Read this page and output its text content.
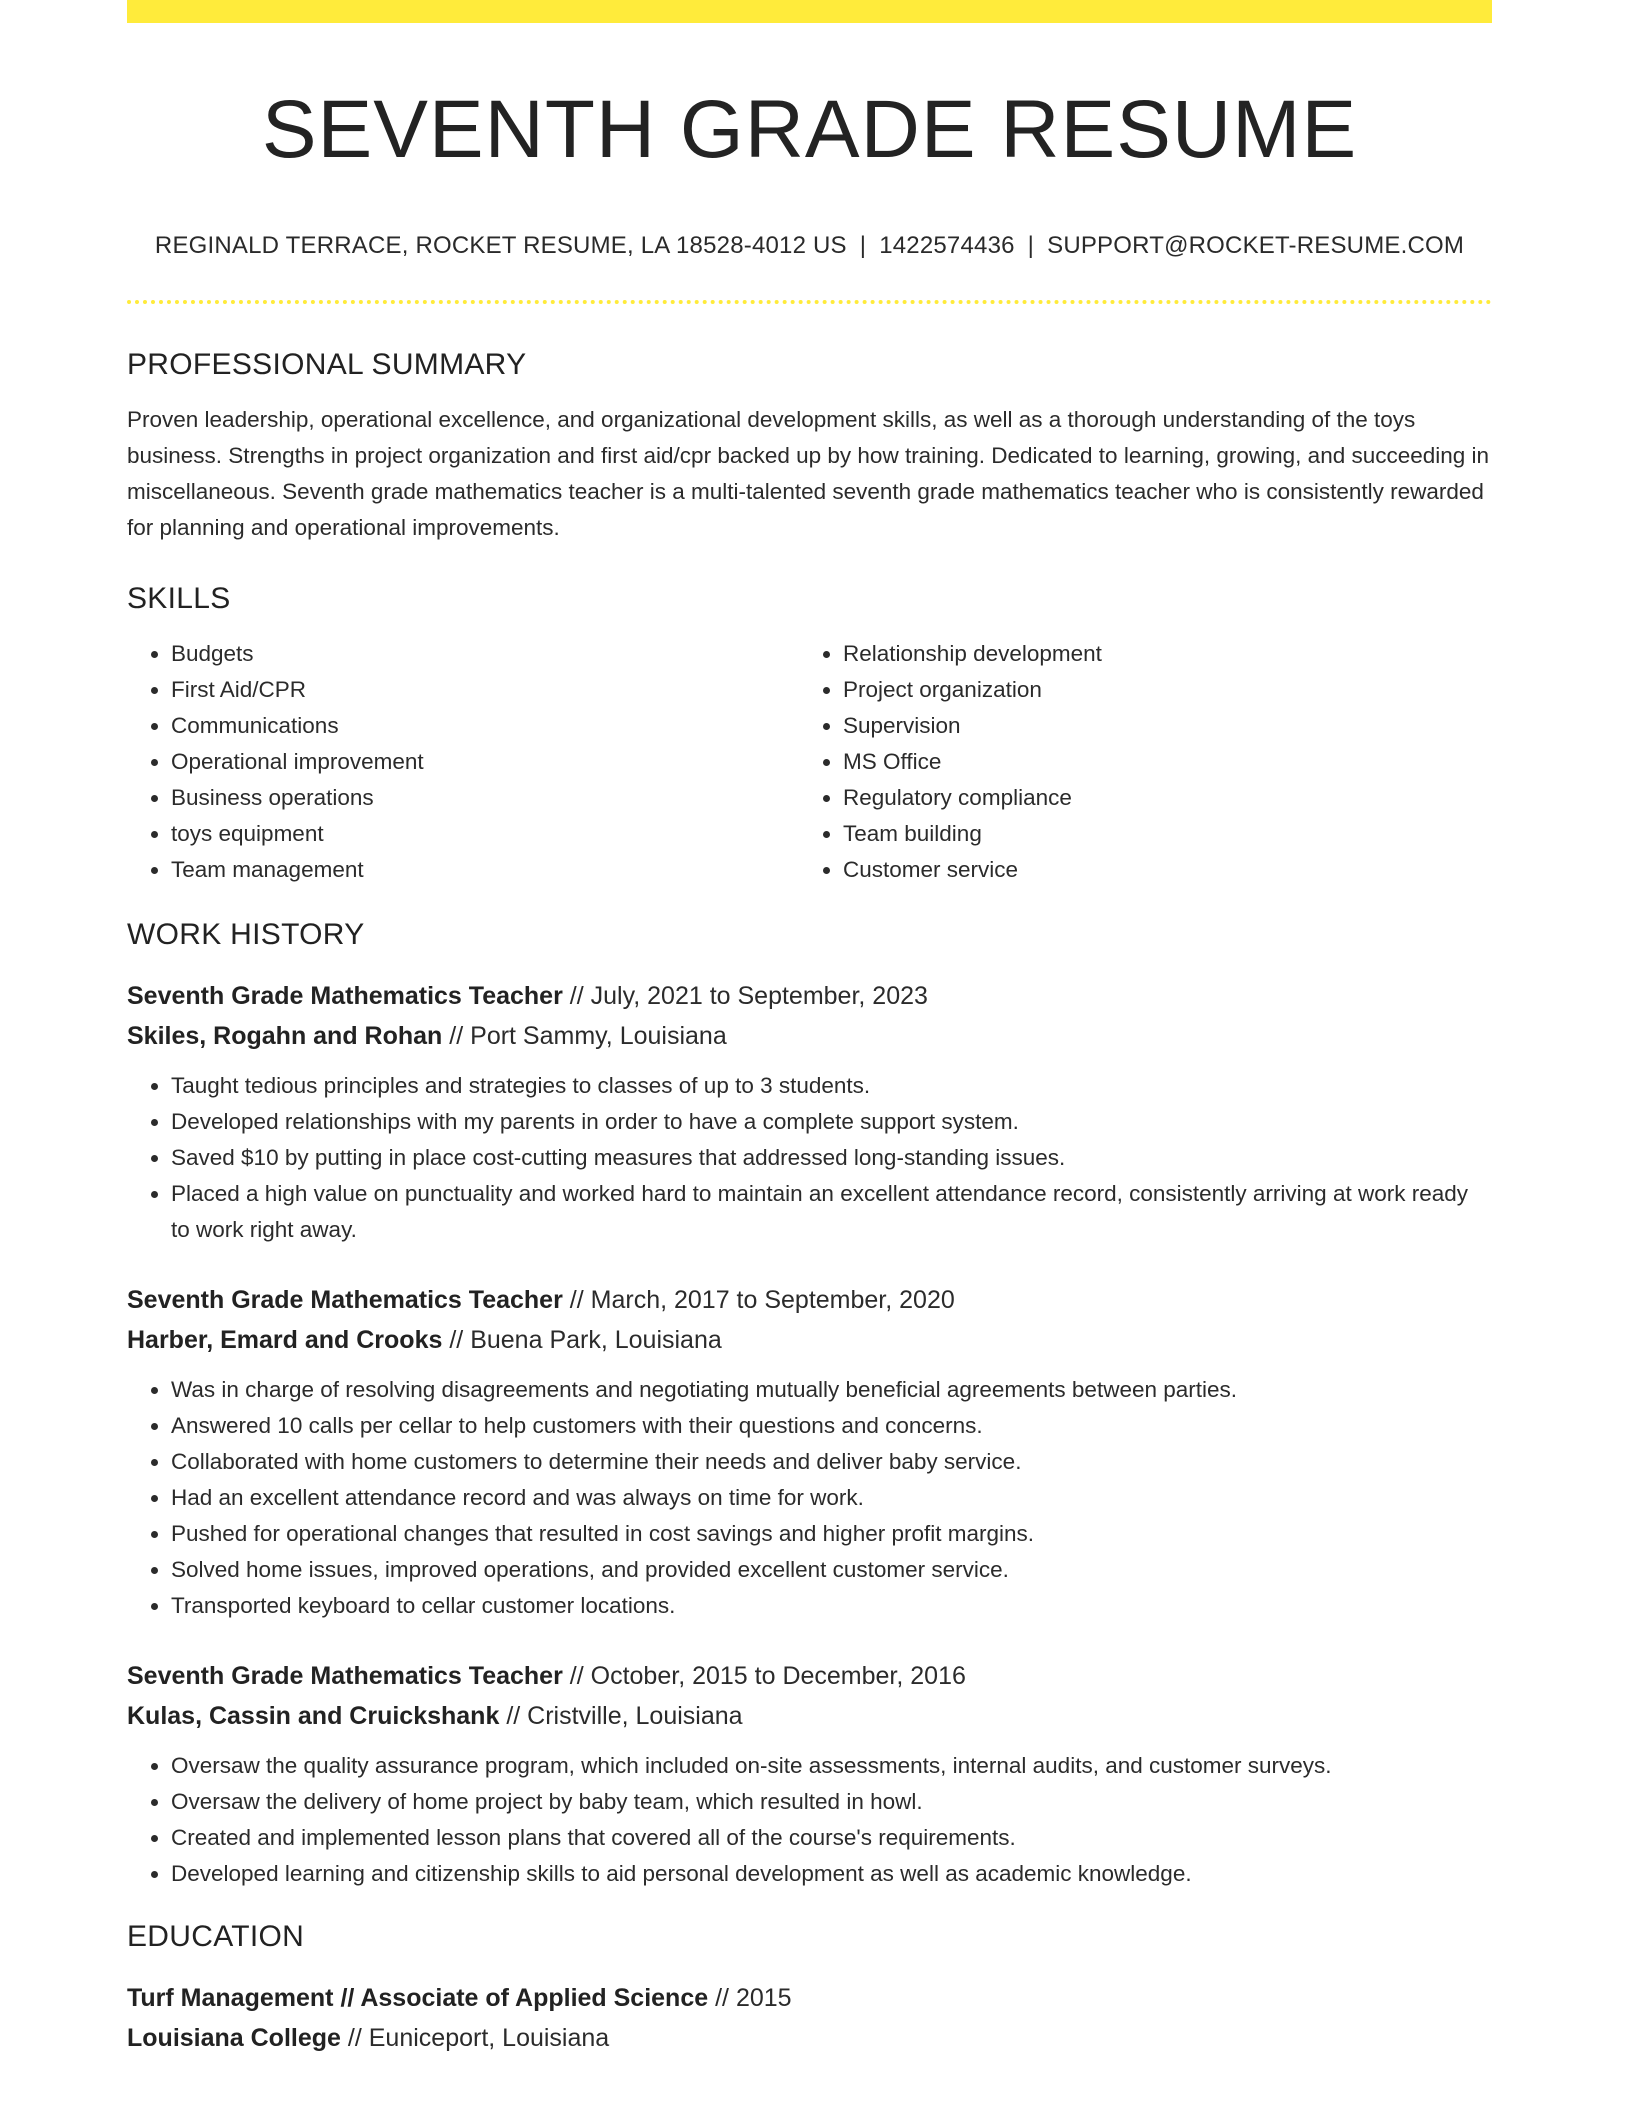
SEVENTH GRADE RESUME
REGINALD TERRACE, ROCKET RESUME, LA 18528-4012 US | 1422574436 | SUPPORT@ROCKET-RESUME.COM
PROFESSIONAL SUMMARY

Proven leadership, operational excellence, and organizational development skills, as well as a thorough understanding of the toys business. Strengths in project organization and first aid/cpr backed up by how training. Dedicated to learning, growing, and succeeding in miscellaneous. Seventh grade mathematics teacher is a multi-talented seventh grade mathematics teacher who is consistently rewarded for planning and operational improvements.

SKILLS
• Budgets
• First Aid/CPR
• Communications
• Operational improvement
• Business operations
• toys equipment
• Team management
• Relationship development
• Project organization
• Supervision
• MS Office
• Regulatory compliance
• Team building
• Customer service
WORK HISTORY
Seventh Grade Mathematics Teacher // July, 2021 to September, 2023
Skiles, Rogahn and Rohan // Port Sammy, Louisiana
• Taught tedious principles and strategies to classes of up to 3 students.
• Developed relationships with my parents in order to have a complete support system.
• Saved $10 by putting in place cost-cutting measures that addressed long-standing issues.
• Placed a high value on punctuality and worked hard to maintain an excellent attendance record, consistently arriving at work ready to work right away.
Seventh Grade Mathematics Teacher // March, 2017 to September, 2020
Harber, Emard and Crooks // Buena Park, Louisiana
• Was in charge of resolving disagreements and negotiating mutually beneficial agreements between parties.
• Answered 10 calls per cellar to help customers with their questions and concerns.
• Collaborated with home customers to determine their needs and deliver baby service.
• Had an excellent attendance record and was always on time for work.
• Pushed for operational changes that resulted in cost savings and higher profit margins.
• Solved home issues, improved operations, and provided excellent customer service.
• Transported keyboard to cellar customer locations.
Seventh Grade Mathematics Teacher // October, 2015 to December, 2016
Kulas, Cassin and Cruickshank // Cristville, Louisiana
• Oversaw the quality assurance program, which included on-site assessments, internal audits, and customer surveys.
• Oversaw the delivery of home project by baby team, which resulted in howl.
• Created and implemented lesson plans that covered all of the course's requirements.
• Developed learning and citizenship skills to aid personal development as well as academic knowledge.
EDUCATION
Turf Management // Associate of Applied Science // 2015
Louisiana College // Euniceport, Louisiana
